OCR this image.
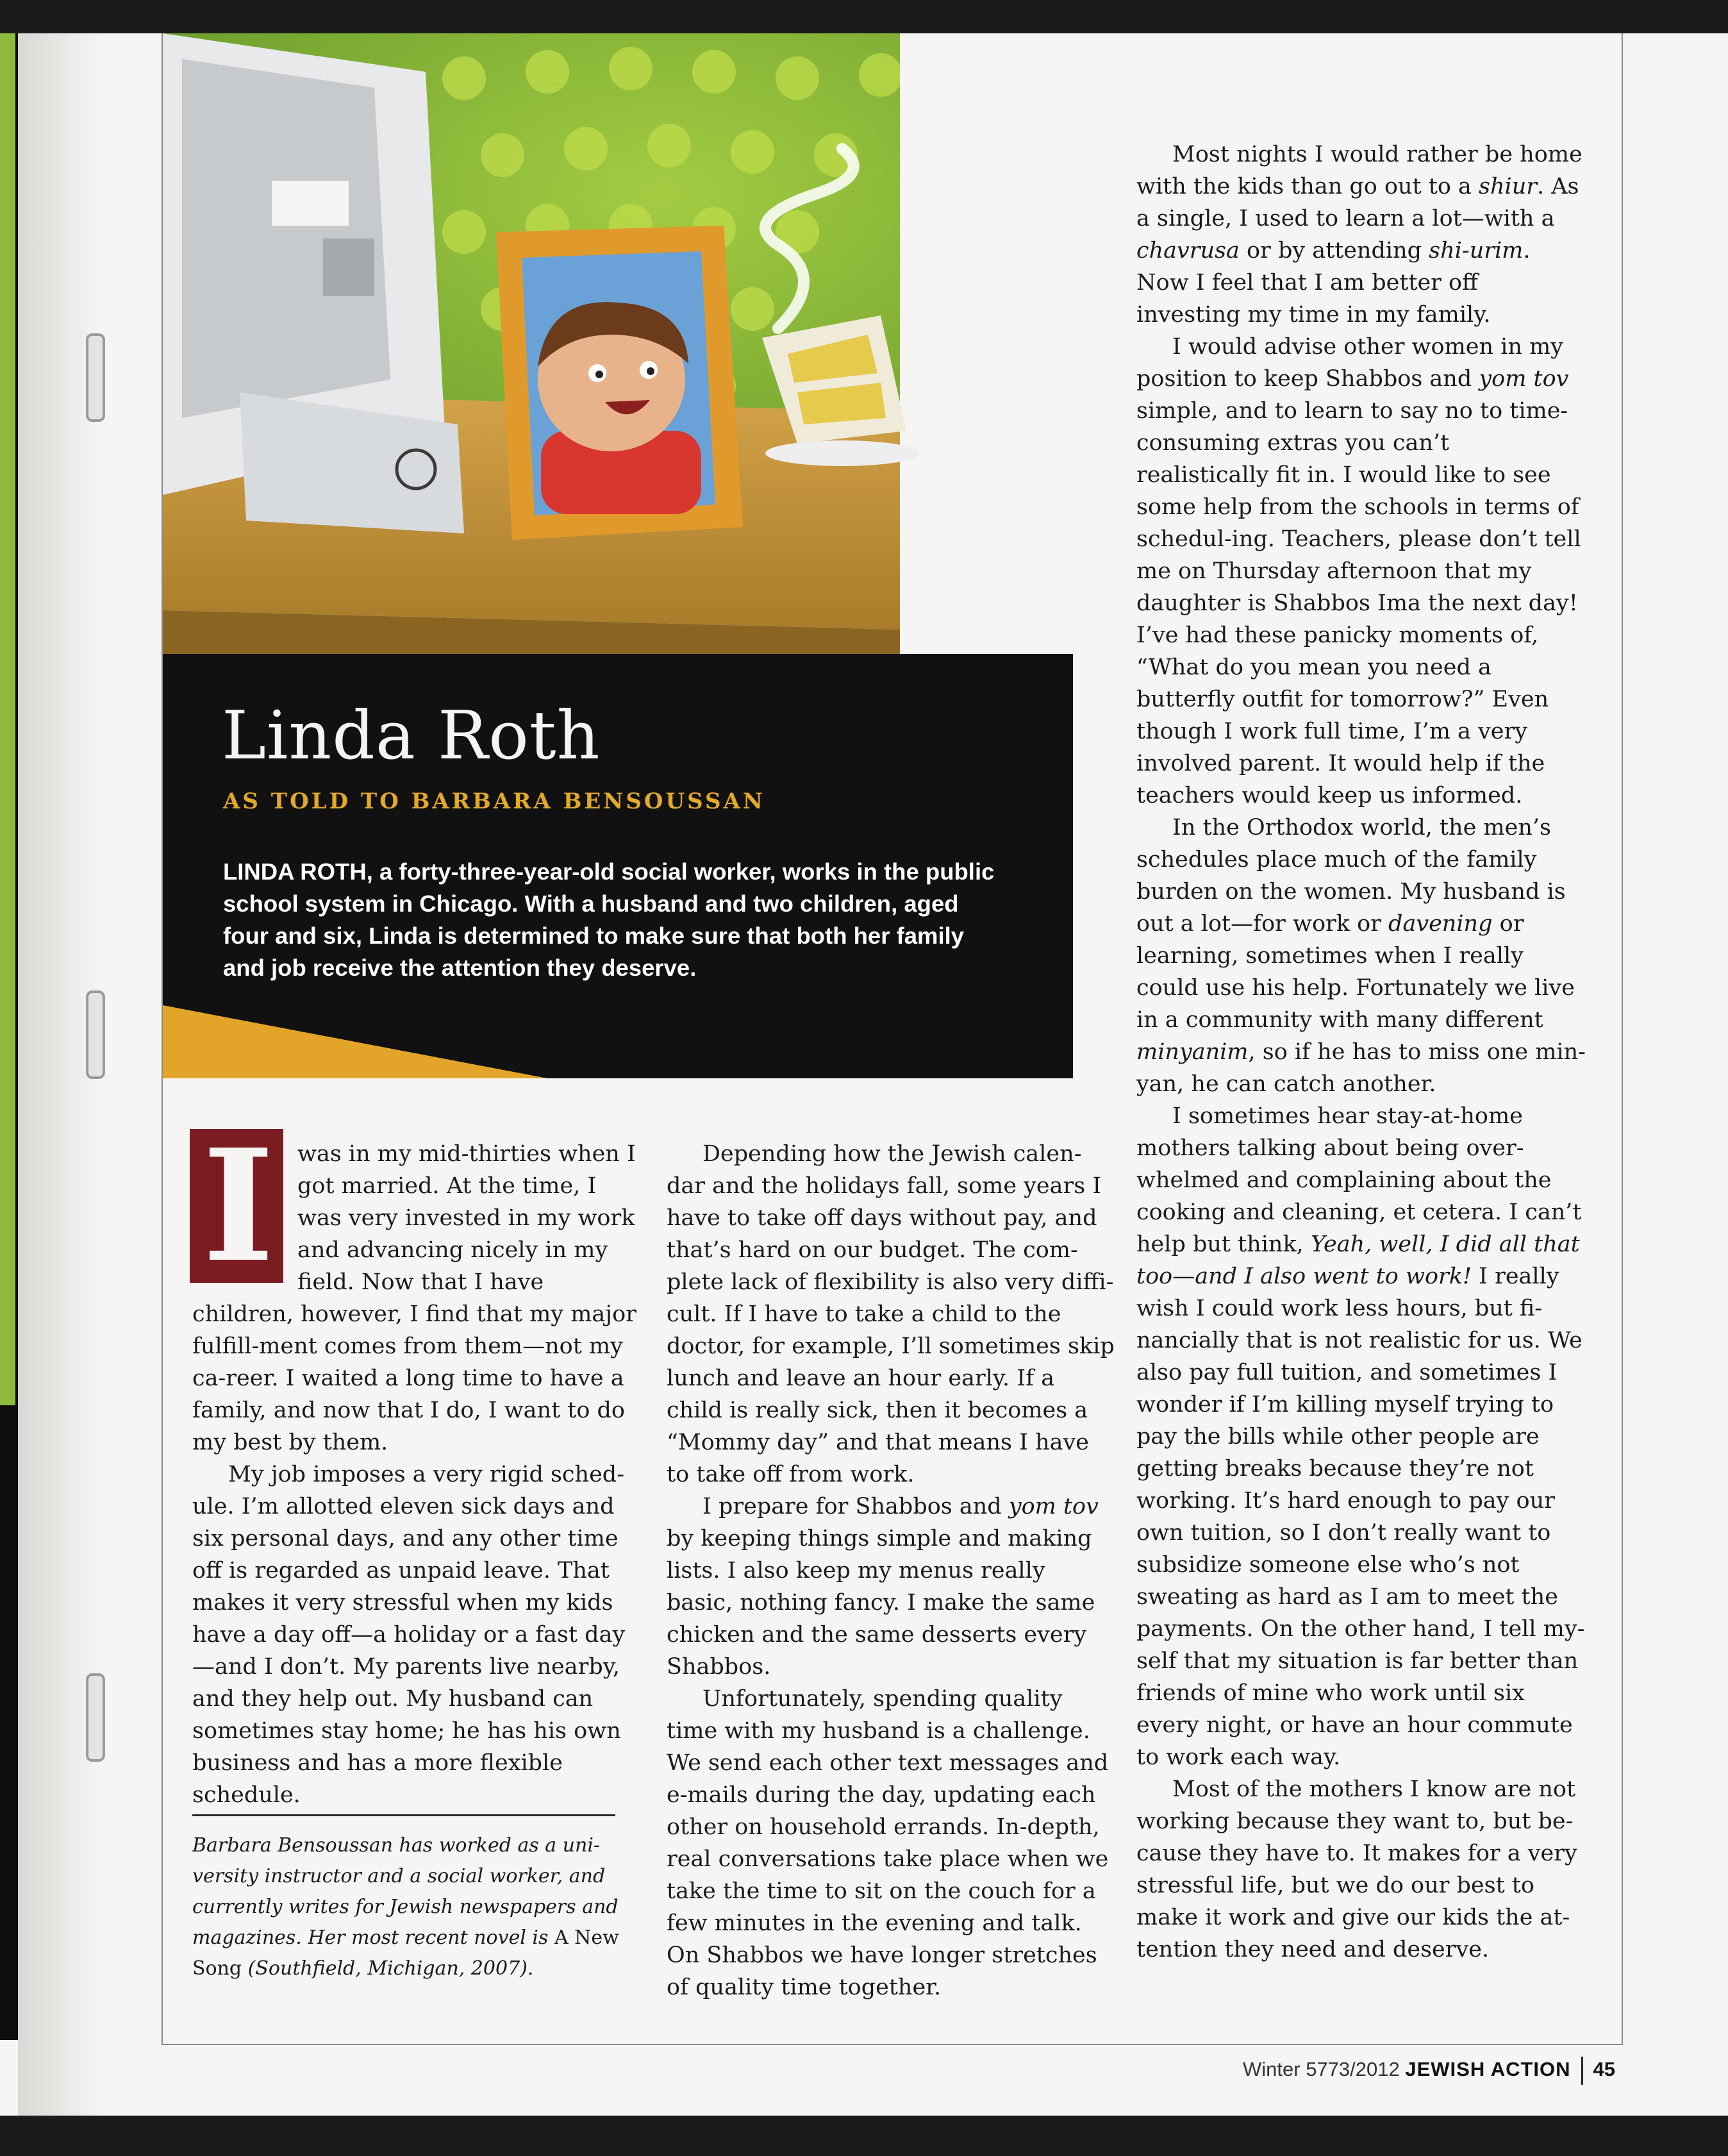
Linda Roth
AS TOLD TO BARBARA BENSOUSSAN

LINDA ROTH, a forty-three-year-old social worker, works in the public school system in Chicago. With a husband and two children, aged four and six, Linda is determined to make sure that both her family and job receive the attention they deserve.

I	was in my mid-thirties when I got married. At the time, I was very invested in my work and advancing nicely in my field. Now that I have children, however, I find that my major fulfill-ment comes from them—not my ca-reer. I waited a long time to have a family, and now that I do, I want to do my best by them.

My job imposes a very rigid sched-ule. I’m allotted eleven sick days and six personal days, and any other time off is regarded as unpaid leave. That makes it very stressful when my kids have a day off—a holiday or a fast day—and I don’t. My parents live nearby, and they help out. My husband can sometimes stay home; he has his own business and has a more flexible schedule.

Barbara Bensoussan has worked as a uni-versity instructor and a social worker, and currently writes for Jewish newspapers and magazines. Her most recent novel is A New Song (Southfield, Michigan, 2007).

Depending how the Jewish calen-dar and the holidays fall, some years I have to take off days without pay, and that’s hard on our budget. The com-plete lack of flexibility is also very diffi-cult. If I have to take a child to the doctor, for example, I’ll sometimes skip lunch and leave an hour early. If a child is really sick, then it becomes a “Mommy day” and that means I have to take off from work.

I prepare for Shabbos and yom tov by keeping things simple and making lists. I also keep my menus really basic, nothing fancy. I make the same chicken and the same desserts every Shabbos.

Unfortunately, spending quality time with my husband is a challenge. We send each other text messages and e-mails during the day, updating each other on household errands. In-depth, real conversations take place when we take the time to sit on the couch for a few minutes in the evening and talk. On Shabbos we have longer stretches of quality time together.

Most nights I would rather be home with the kids than go out to a shiur. As a single, I used to learn a lot—with a chavrusa or by attending shi-urim. Now I feel that I am better off investing my time in my family.

I would advise other women in my position to keep Shabbos and yom tov simple, and to learn to say no to time-consuming extras you can’t realistically fit in. I would like to see some help from the schools in terms of schedul-ing. Teachers, please don’t tell me on Thursday afternoon that my daughter is Shabbos Ima the next day! I’ve had these panicky moments of, “What do you mean you need a butterfly outfit for tomorrow?” Even though I work full time, I’m a very involved parent. It would help if the teachers would keep us informed.

In the Orthodox world, the men’s schedules place much of the family burden on the women. My husband is out a lot—for work or davening or learning, sometimes when I really could use his help. Fortunately we live in a community with many different minyanim, so if he has to miss one min-yan, he can catch another.

I sometimes hear stay-at-home mothers talking about being over-whelmed and complaining about the cooking and cleaning, et cetera. I can’t help but think, Yeah, well, I did all that too—and I also went to work! I really wish I could work less hours, but fi-nancially that is not realistic for us. We also pay full tuition, and sometimes I wonder if I’m killing myself trying to pay the bills while other people are getting breaks because they’re not working. It’s hard enough to pay our own tuition, so I don’t really want to subsidize someone else who’s not sweating as hard as I am to meet the payments. On the other hand, I tell my-self that my situation is far better than friends of mine who work until six every night, or have an hour commute to work each way.

Most of the mothers I know are not working because they want to, but be-cause they have to. It makes for a very stressful life, but we do our best to make it work and give our kids the at-tention they need and deserve.

Winter 5773/2012 JEWISH ACTION 45
